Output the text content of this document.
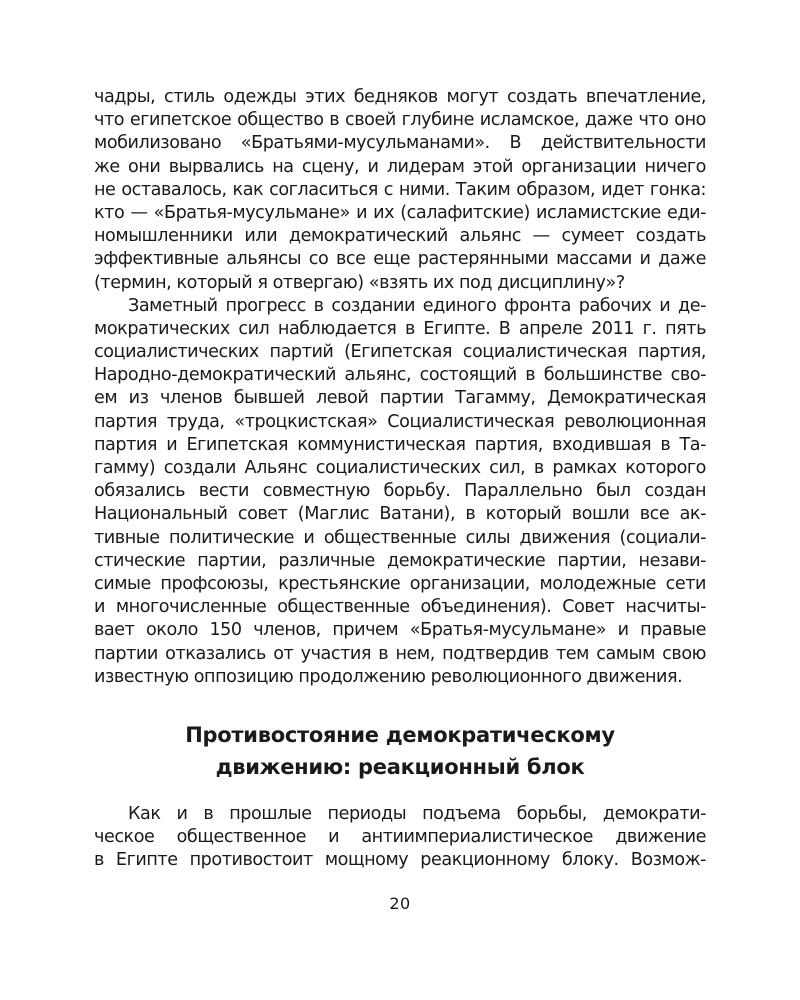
чадры, стиль одежды этих бедняков могут создать впечатление,
что египетское общество в своей глубине исламское, даже что оно
мобилизовано «Братьями-мусульманами». В действительности
же они вырвались на сцену, и лидерам этой организации ничего
не оставалось, как согласиться с ними. Таким образом, идет гонка:
кто — «Братья-мусульмане» и их (салафитские) исламистские еди-
номышленники или демократический альянс — сумеет создать
эффективные альянсы со все еще растерянными массами и даже
(термин, который я отвергаю) «взять их под дисциплину»?
Заметный прогресс в создании единого фронта рабочих и де-
мократических сил наблюдается в Египте. В апреле 2011 г. пять
социалистических партий (Египетская социалистическая партия,
Народно-демократический альянс, состоящий в большинстве сво-
ем из членов бывшей левой партии Тагамму, Демократическая
партия труда, «троцкистская» Социалистическая революционная
партия и Египетская коммунистическая партия, входившая в Та-
гамму) создали Альянс социалистических сил, в рамках которого
обязались вести совместную борьбу. Параллельно был создан
Национальный совет (Маглис Ватани), в который вошли все ак-
тивные политические и общественные силы движения (социали-
стические партии, различные демократические партии, незави-
симые профсоюзы, крестьянские организации, молодежные сети
и многочисленные общественные объединения). Совет насчиты-
вает около 150 членов, причем «Братья-мусульмане» и правые
партии отказались от участия в нем, подтвердив тем самым свою
известную оппозицию продолжению революционного движения.
Противостояние демократическому
движению: реакционный блок
Как и в прошлые периоды подъема борьбы, демократи-
ческое общественное и антиимпериалистическое движение
в Египте противостоит мощному реакционному блоку. Возмож-
20
